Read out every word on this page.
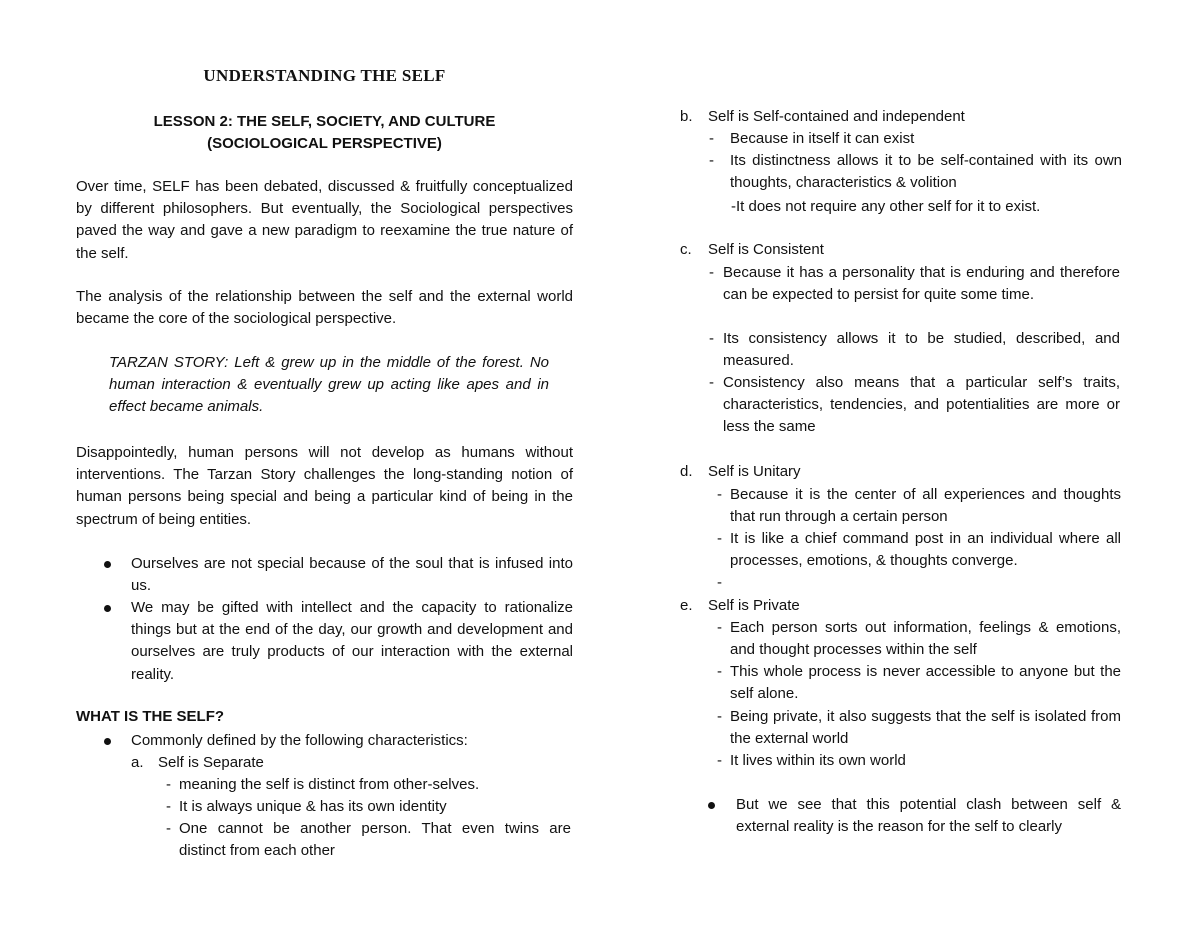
UNDERSTANDING THE SELF
LESSON 2: THE SELF, SOCIETY, AND CULTURE
(SOCIOLOGICAL PERSPECTIVE)
Over time, SELF has been debated, discussed & fruitfully conceptualized by different philosophers. But eventually, the Sociological perspectives paved the way and gave a new paradigm to reexamine the true nature of the self.
The analysis of the relationship between the self and the external world became the core of the sociological perspective.
TARZAN STORY: Left & grew up in the middle of the forest. No human interaction & eventually grew up acting like apes and in effect became animals.
Disappointedly, human persons will not develop as humans without interventions. The Tarzan Story challenges the long-standing notion of human persons being special and being a particular kind of being in the spectrum of being entities.
Ourselves are not special because of the soul that is infused into us.
We may be gifted with intellect and the capacity to rationalize things but at the end of the day, our growth and development and ourselves are truly products of our interaction with the external reality.
WHAT IS THE SELF?
Commonly defined by the following characteristics:
a. Self is Separate
- meaning the self is distinct from other-selves.
- It is always unique & has its own identity
- One cannot be another person. That even twins are distinct from each other
b. Self is Self-contained and independent
- Because in itself it can exist
- Its distinctness allows it to be self-contained with its own thoughts, characteristics & volition
-It does not require any other self for it to exist.
c. Self is Consistent
- Because it has a personality that is enduring and therefore can be expected to persist for quite some time.
- Its consistency allows it to be studied, described, and measured.
- Consistency also means that a particular self’s traits, characteristics, tendencies, and potentialities are more or less the same
d. Self is Unitary
- Because it is the center of all experiences and thoughts that run through a certain person
- It is like a chief command post in an individual where all processes, emotions, & thoughts converge.
-
e. Self is Private
- Each person sorts out information, feelings & emotions, and thought processes within the self
- This whole process is never accessible to anyone but the self alone.
- Being private, it also suggests that the self is isolated from the external world
- It lives within its own world
But we see that this potential clash between self & external reality is the reason for the self to clearly
